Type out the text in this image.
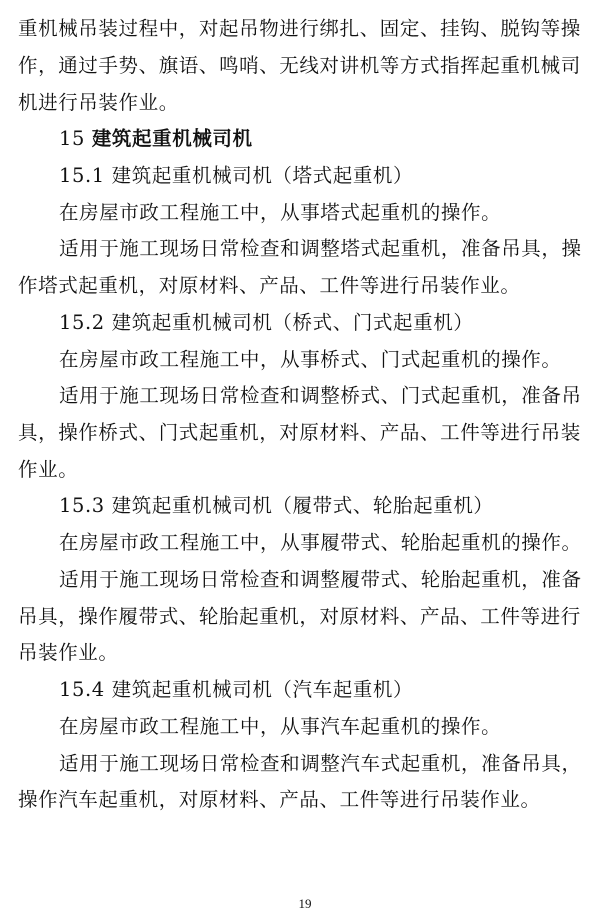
重机械吊装过程中，对起吊物进行绑扎、固定、挂钩、脱钩等操
作，通过手势、旗语、鸣哨、无线对讲机等方式指挥起重机械司
机进行吊装作业。
15 建筑起重机械司机
15.1 建筑起重机械司机（塔式起重机）
在房屋市政工程施工中，从事塔式起重机的操作。
适用于施工现场日常检查和调整塔式起重机，准备吊具，操
作塔式起重机，对原材料、产品、工件等进行吊装作业。
15.2 建筑起重机械司机（桥式、门式起重机）
在房屋市政工程施工中，从事桥式、门式起重机的操作。
适用于施工现场日常检查和调整桥式、门式起重机，准备吊
具，操作桥式、门式起重机，对原材料、产品、工件等进行吊装
作业。
15.3 建筑起重机械司机（履带式、轮胎起重机）
在房屋市政工程施工中，从事履带式、轮胎起重机的操作。
适用于施工现场日常检查和调整履带式、轮胎起重机，准备
吊具，操作履带式、轮胎起重机，对原材料、产品、工件等进行
吊装作业。
15.4 建筑起重机械司机（汽车起重机）
在房屋市政工程施工中，从事汽车起重机的操作。
适用于施工现场日常检查和调整汽车式起重机，准备吊具，
操作汽车起重机，对原材料、产品、工件等进行吊装作业。
19
